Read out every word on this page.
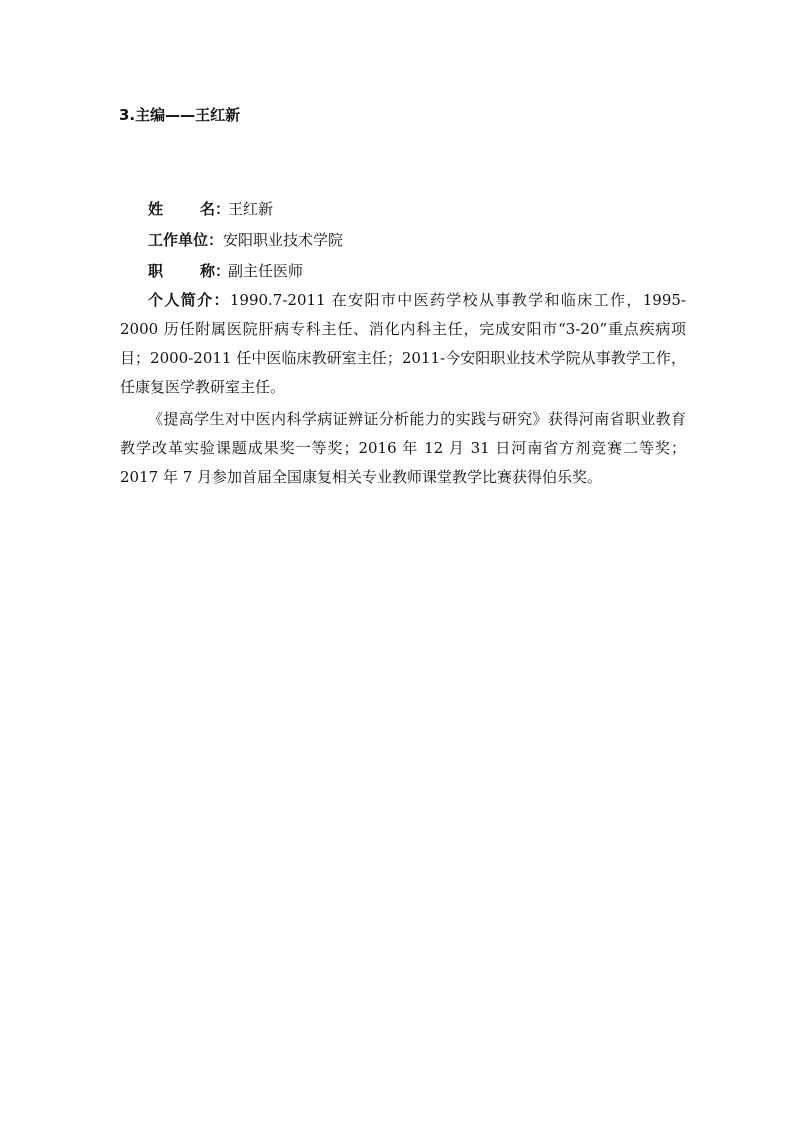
3.主编——王红新
姓 名：王红新
工作单位：安阳职业技术学院
职 称：副主任医师
个人简介：1990.7-2011 在安阳市中医药学校从事教学和临床工作，1995-2000 历任附属医院肝病专科主任、消化内科主任，完成安阳市“3-20”重点疾病项目；2000-2011 任中医临床教研室主任；2011-今安阳职业技术学院从事教学工作，任康复医学教研室主任。
《提高学生对中医内科学病证辨证分析能力的实践与研究》获得河南省职业教育教学改革实验课题成果奖一等奖；2016 年 12 月 31 日河南省方剂竞赛二等奖；2017 年 7 月参加首届全国康复相关专业教师课堂教学比赛获得伯乐奖。
